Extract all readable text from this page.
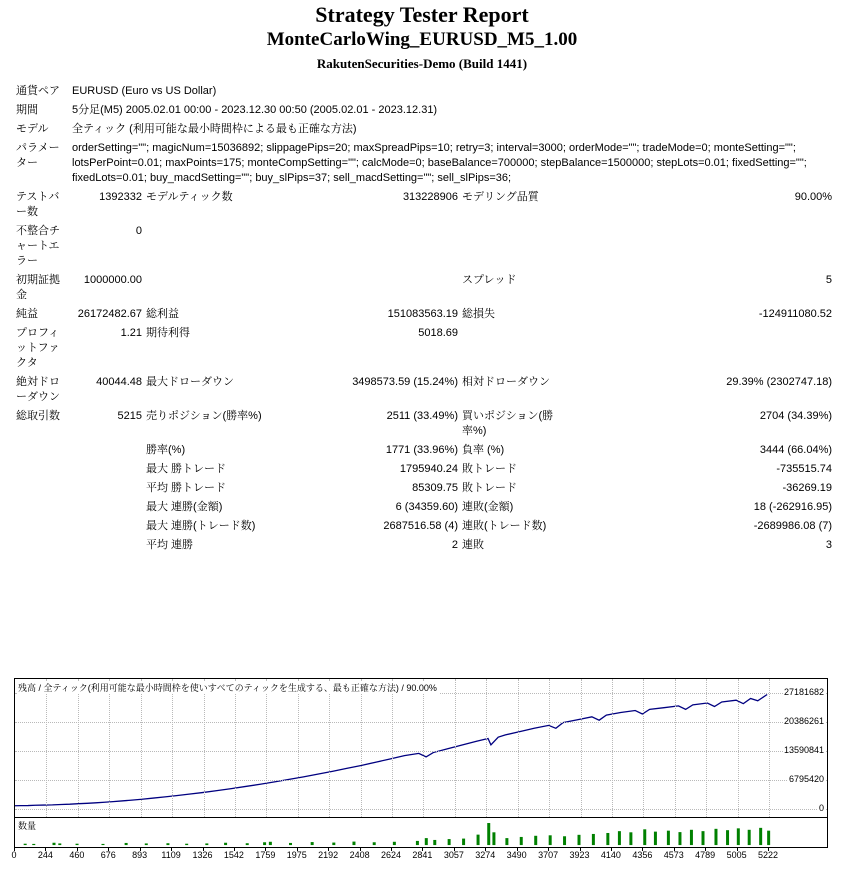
Strategy Tester Report
MonteCarloWing_EURUSD_M5_1.00
RakutenSecurities-Demo (Build 1441)
通貨ペア	EURUSD (Euro vs US Dollar)				
期間	5分足(M5) 2005.02.01 00:00 - 2023.12.30 00:50 (2005.02.01 - 2023.12.31)				
モデル	全ティック (利用可能な最小時間枠による最も正確な方法)				
パラメーター	orderSetting=""; magicNum=15036892; slippagePips=20; maxSpreadPips=10; retry=3; interval=3000; orderMode=""; tradeMode=0; monteSetting=""; lotsPerPoint=0.01; maxPoints=175; monteCompSetting=""; calcMode=0; baseBalance=700000; stepBalance=1500000; stepLots=0.01; fixedSetting=""; fixedLots=0.01; buy_macdSetting=""; buy_slPips=37; sell_macdSetting=""; sell_slPips=36;				
テストバー数	1392332	モデルティック数	313228906	モデリング品質	90.00%
不整合チャートエラー	0				
初期証拠金	1000000.00			スプレッド	5
純益	26172482.67	総利益	151083563.19	総損失	-124911080.52
プロフィットファクタ	1.21	期待利得	5018.69		
絶対ドローダウン	40044.48	最大ドローダウン	3498573.59 (15.24%)	相対ドローダウン	29.39% (2302747.18)
総取引数	5215	売りポジション(勝率%)	2511 (33.49%)	買いポジション(勝率%)	2704 (34.39%)
		勝率(%)	1771 (33.96%)	負率 (%)	3444 (66.04%)
		最大 勝トレード	1795940.24	敗トレード	-735515.74
		平均 勝トレード	85309.75	敗トレード	-36269.19
		最大 連勝(金額)	6 (34359.60)	連敗(金額)	18 (-262916.95)
		最大 連勝(トレード数)	2687516.58 (4)	連敗(トレード数)	-2689986.08 (7)
		平均 連勝	2	連敗	3
残高 / 全ティック(利用可能な最小時間枠を使いすべてのティックを生成する、最も正確な方法) / 90.00%	27181682
20386261
13590841
6795420
0
数量
0 244 460 676 893 1109 1326 1542 1759 1975 2192 2408 2624 2841 3057 3274 3490 3707 3923 4140 4356 4573 4789 5005 5222
